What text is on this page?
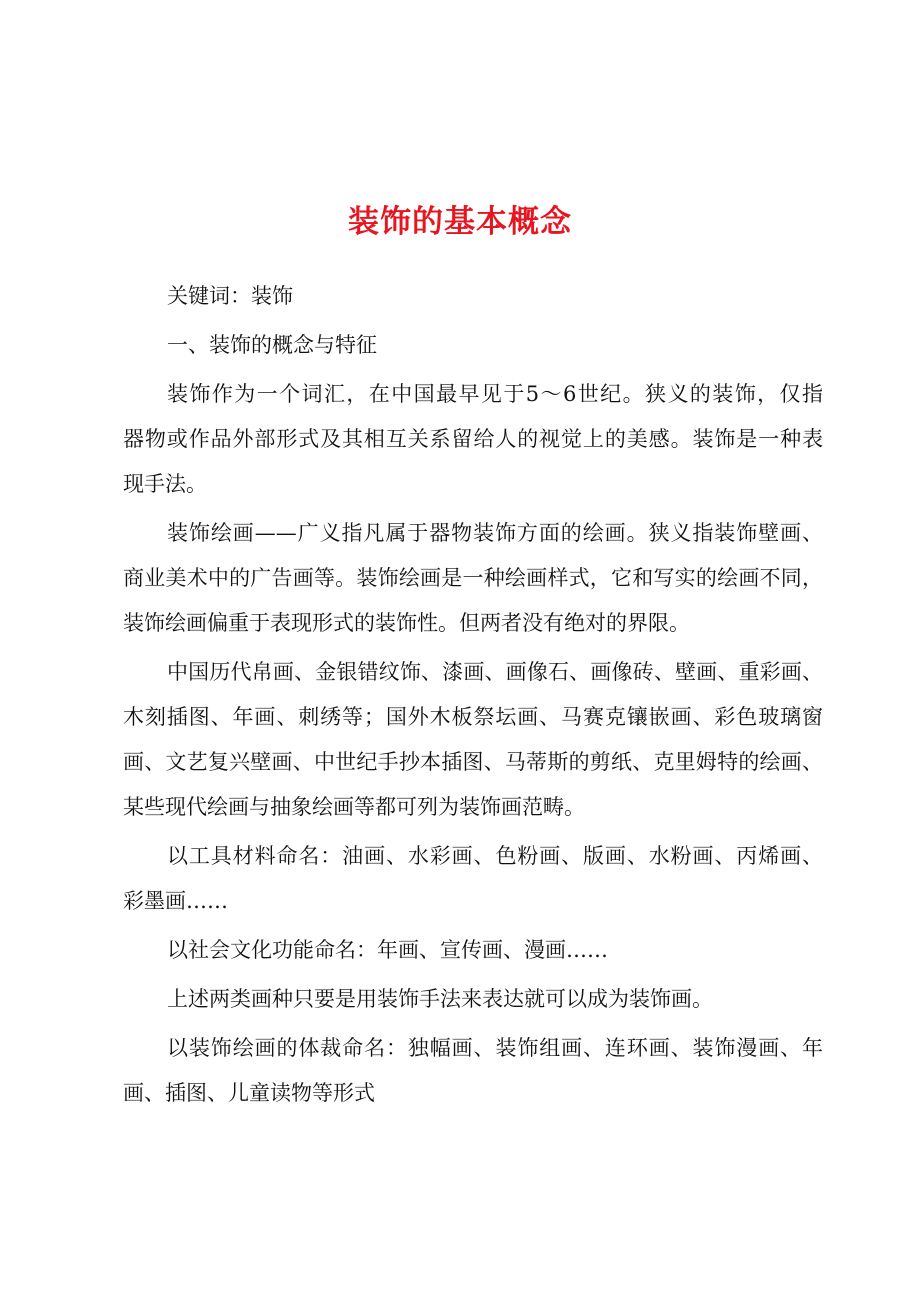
装饰的基本概念
关键词：装饰
一、装饰的概念与特征
装饰作为一个词汇，在中国最早见于5～6世纪。狭义的装饰，仅指
器物或作品外部形式及其相互关系留给人的视觉上的美感。装饰是一种表
现手法。
装饰绘画——广义指凡属于器物装饰方面的绘画。狭义指装饰壁画、
商业美术中的广告画等。装饰绘画是一种绘画样式，它和写实的绘画不同，
装饰绘画偏重于表现形式的装饰性。但两者没有绝对的界限。
中国历代帛画、金银错纹饰、漆画、画像石、画像砖、壁画、重彩画、
木刻插图、年画、刺绣等；国外木板祭坛画、马赛克镶嵌画、彩色玻璃窗
画、文艺复兴壁画、中世纪手抄本插图、马蒂斯的剪纸、克里姆特的绘画、
某些现代绘画与抽象绘画等都可列为装饰画范畴。
以工具材料命名：油画、水彩画、色粉画、版画、水粉画、丙烯画、
彩墨画……
以社会文化功能命名：年画、宣传画、漫画……
上述两类画种只要是用装饰手法来表达就可以成为装饰画。
以装饰绘画的体裁命名：独幅画、装饰组画、连环画、装饰漫画、年
画、插图、儿童读物等形式
